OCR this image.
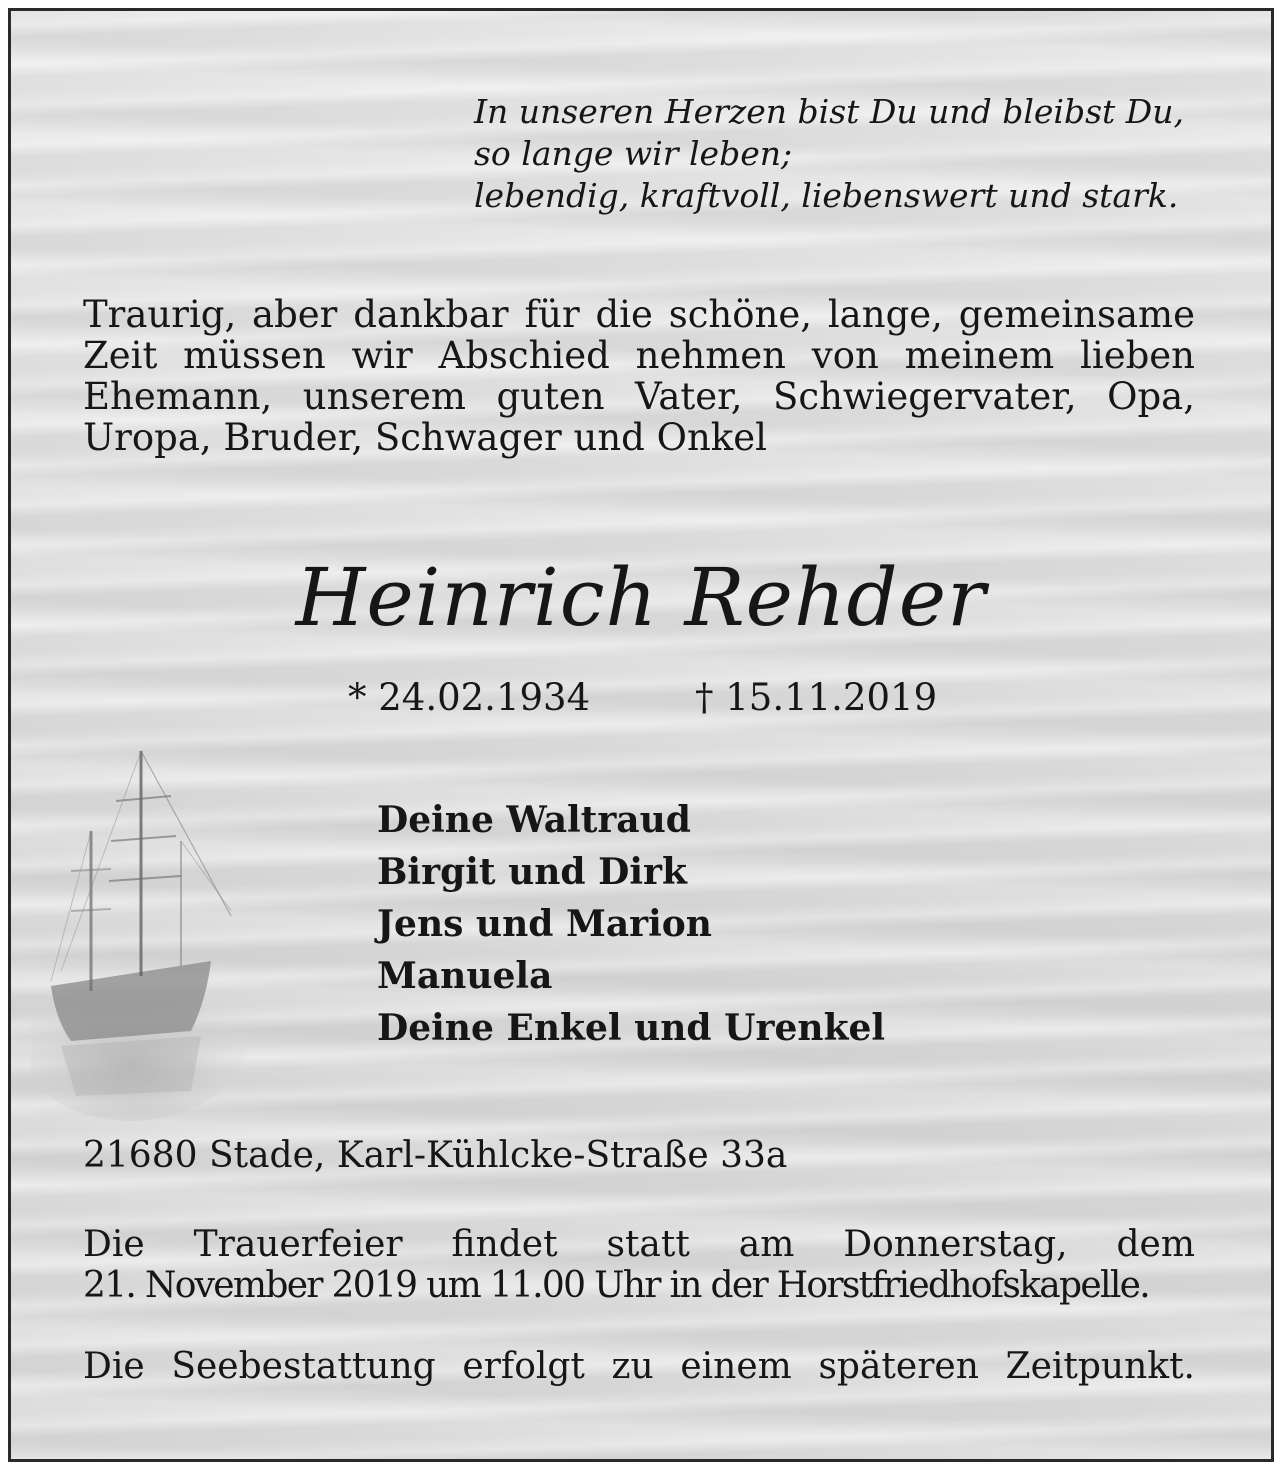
In unseren Herzen bist Du und bleibst Du,
so lange wir leben;
lebendig, kraftvoll, liebenswert und stark.
Traurig, aber dankbar für die schöne, lange, gemeinsame Zeit müssen wir Abschied nehmen von meinem lieben Ehemann, unserem guten Vater, Schwiegervater, Opa, Uropa, Bruder, Schwager und Onkel
Heinrich Rehder
* 24.02.1934	† 15.11.2019
Deine Waltraud
Birgit und Dirk
Jens und Marion
Manuela
Deine Enkel und Urenkel
21680 Stade, Karl-Kühlcke-Straße 33a
Die Trauerfeier findet statt am Donnerstag, dem
21. November 2019 um 11.00 Uhr in der Horstfriedhofskapelle.
Die Seebestattung erfolgt zu einem späteren Zeitpunkt.
